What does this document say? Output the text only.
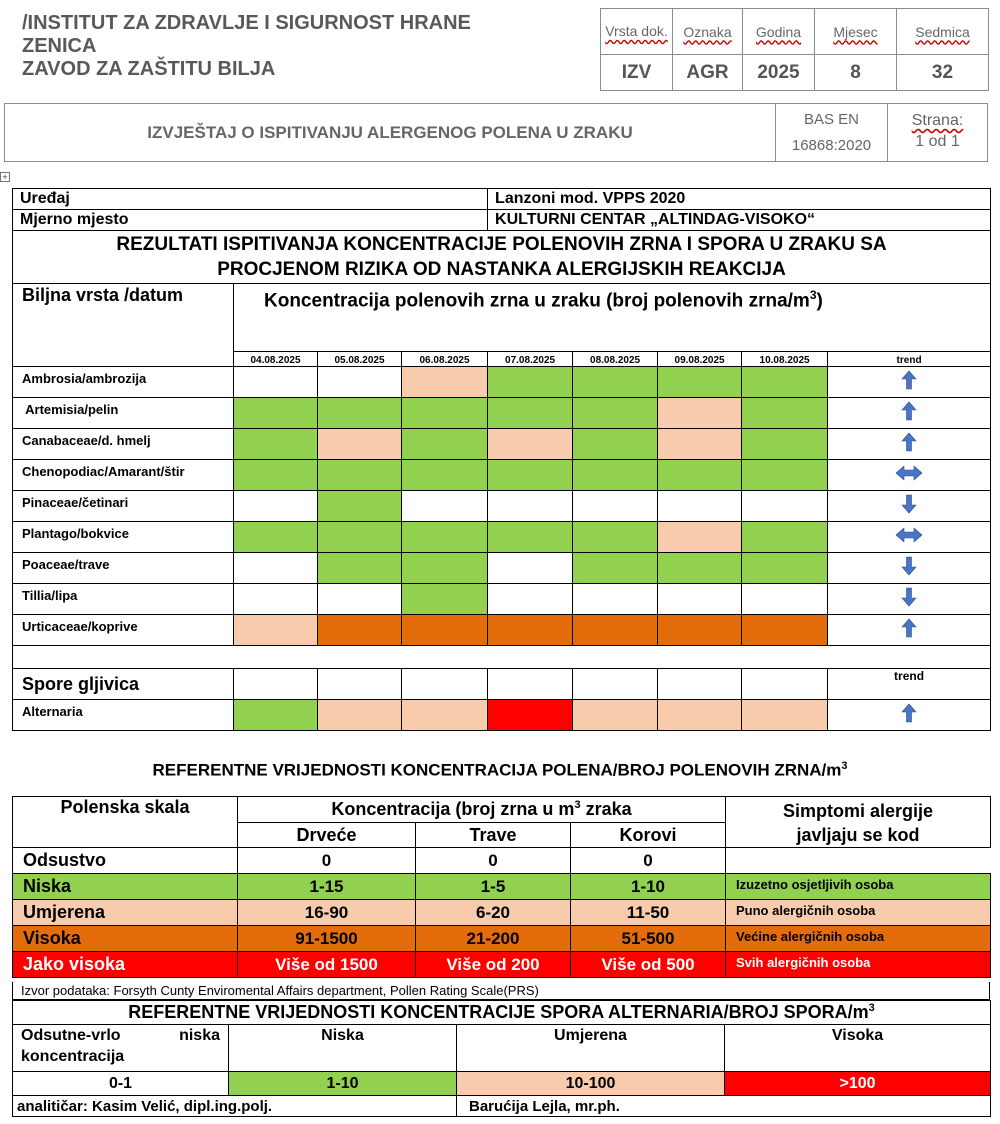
/INSTITUT ZA ZDRAVLJE I SIGURNOST HRANE
ZENICA
ZAVOD ZA ZAŠTITU BILJA
Vrsta dok.	Oznaka	Godina	Mjesec	Sedmica
IZV	AGR	2025	8	32
IZVJEŠTAJ O ISPITIVANJU ALERGENOG POLENA U ZRAKU
BAS EN
16868:2020
Strana:
1 od 1
+
Uređaj				Lanzoni mod. VPPS 2020				
Mjerno mjesto				KULTURNI CENTAR „ALTINDAG-VISOKO“				
REZULTATI ISPITIVANJA KONCENTRACIJE POLENOVIH ZRNA I SPORA U ZRAKU SA PROCJENOM RIZIKA OD NASTANKA ALERGIJSKIH REAKCIJA								
Biljna vrsta /datum	Koncentracija polenovih zrna u zraku (broj polenovih zrna/$m^3$)							
	04.08.2025	05.08.2025	06.08.2025	07.08.2025	08.08.2025	09.08.2025	10.08.2025	trend
Ambrosia/ambrozija								
Artemisia/pelin								
Canabaceae/d. hmelj								
Chenopodiac/Amarant/štir								
Pinaceae/četinari								
Plantago/bokvice								
Poaceae/trave								
Tillia/lipa								
Urticaceae/koprive								

Spore gljivica								trend
Alternaria								
REFERENTNE VRIJEDNOSTI KONCENTRACIJA POLENA/BROJ POLENOVIH ZRNA/$m^3$
Polenska skala	Koncentracija (broj zrna u $m^3$ zraka			Simptomi alergije
javljaju se kod

	Drveće	Trave	Korovi	
Odsustvo	0	0	0	
Niska	1-15	1-5	1-10	Izuzetno osjetljivih osoba
Umjerena	16-90	6-20	11-50	Puno alergičnih osoba
Visoka	91-1500	21-200	51-500	Većine alergičnih osoba
Jako visoka	Više od 1500	Više od 200	Više od 500	Svih alergičnih osoba
Izvor podataka: Forsyth Cunty Enviromental Affairs department, Pollen Rating Scale(PRS)
REFERENTNE VRIJEDNOSTI KONCENTRACIJE SPORA ALTERNARIA/BROJ SPORA/$m^3$
Odsutne-vrlo niska koncentracija	Niska	Umjerena	Visoka
0-1	1-10	10-100	>100
analitičar: Kasim Velić, dipl.ing.polj.		Barućija Lejla, mr.ph.	
